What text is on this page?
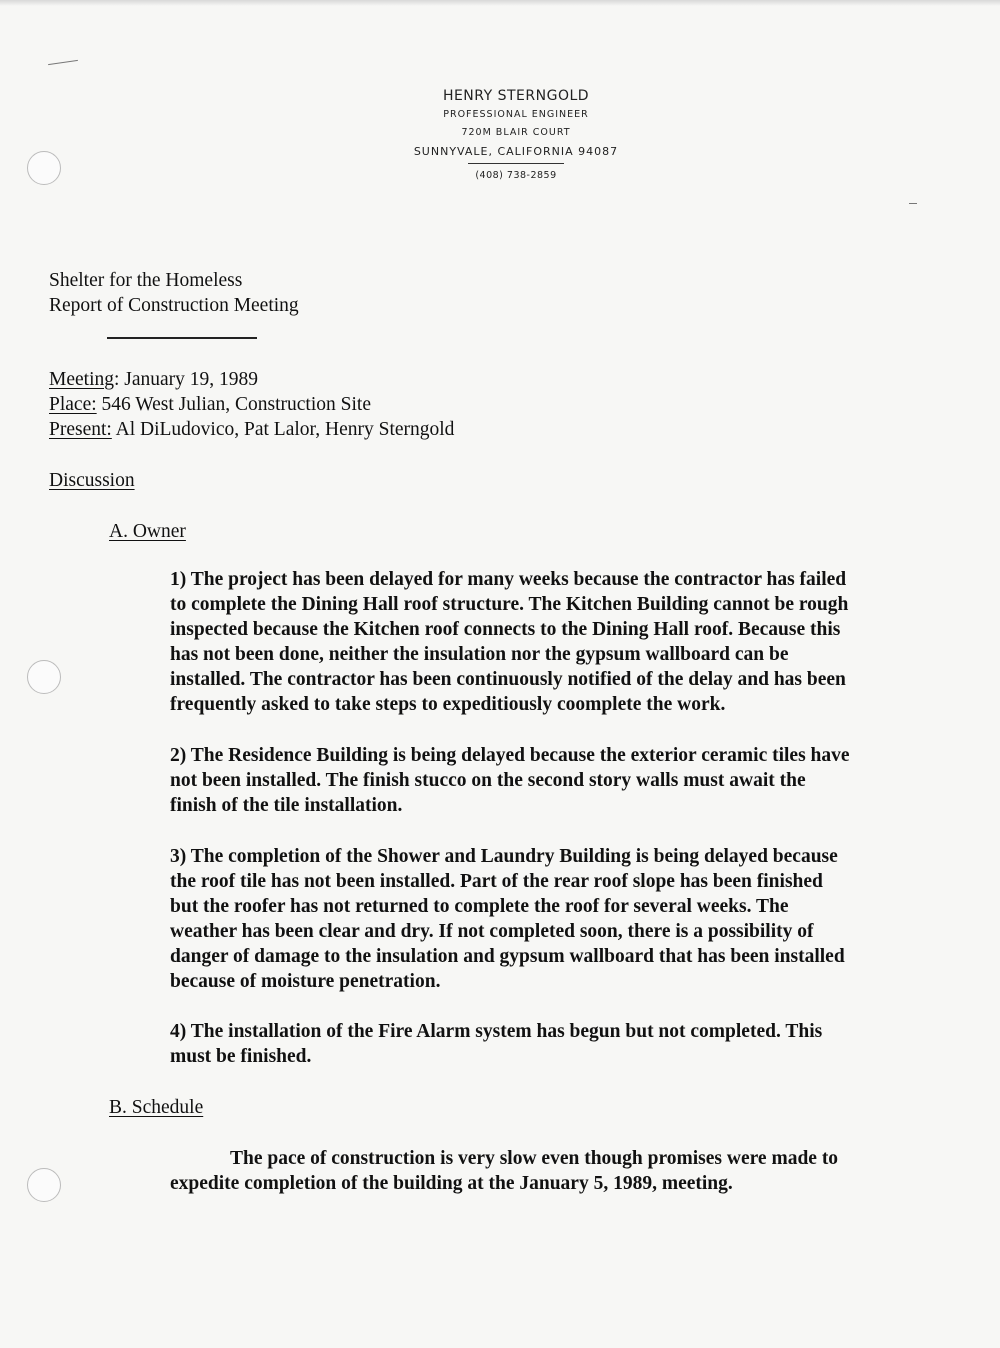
HENRY STERNGOLD
PROFESSIONAL ENGINEER
720M BLAIR COURT
SUNNYVALE, CALIFORNIA 94087
(408) 738-2859
Shelter for the Homeless
Report of Construction Meeting
Meeting: January 19, 1989
Place: 546 West Julian, Construction Site
Present: Al DiLudovico, Pat Lalor, Henry Sterngold
Discussion
A. Owner
1) The project has been delayed for many weeks because the contractor has failed
to complete the Dining Hall roof structure. The Kitchen Building cannot be rough
inspected because the Kitchen roof connects to the Dining Hall roof. Because this
has not been done, neither the insulation nor the gypsum wallboard can be
installed. The contractor has been continuously notified of the delay and has been
frequently asked to take steps to expeditiously coomplete the work.
2) The Residence Building is being delayed because the exterior ceramic tiles have
not been installed. The finish stucco on the second story walls must await the
finish of the tile installation.
3) The completion of the Shower and Laundry Building is being delayed because
the roof tile has not been installed. Part of the rear roof slope has been finished
but the roofer has not returned to complete the roof for several weeks. The
weather has been clear and dry. If not completed soon, there is a possibility of
danger of damage to the insulation and gypsum wallboard that has been installed
because of moisture penetration.
4) The installation of the Fire Alarm system has begun but not completed. This
must be finished.
B. Schedule
The pace of construction is very slow even though promises were made to
expedite completion of the building at the January 5, 1989, meeting.
